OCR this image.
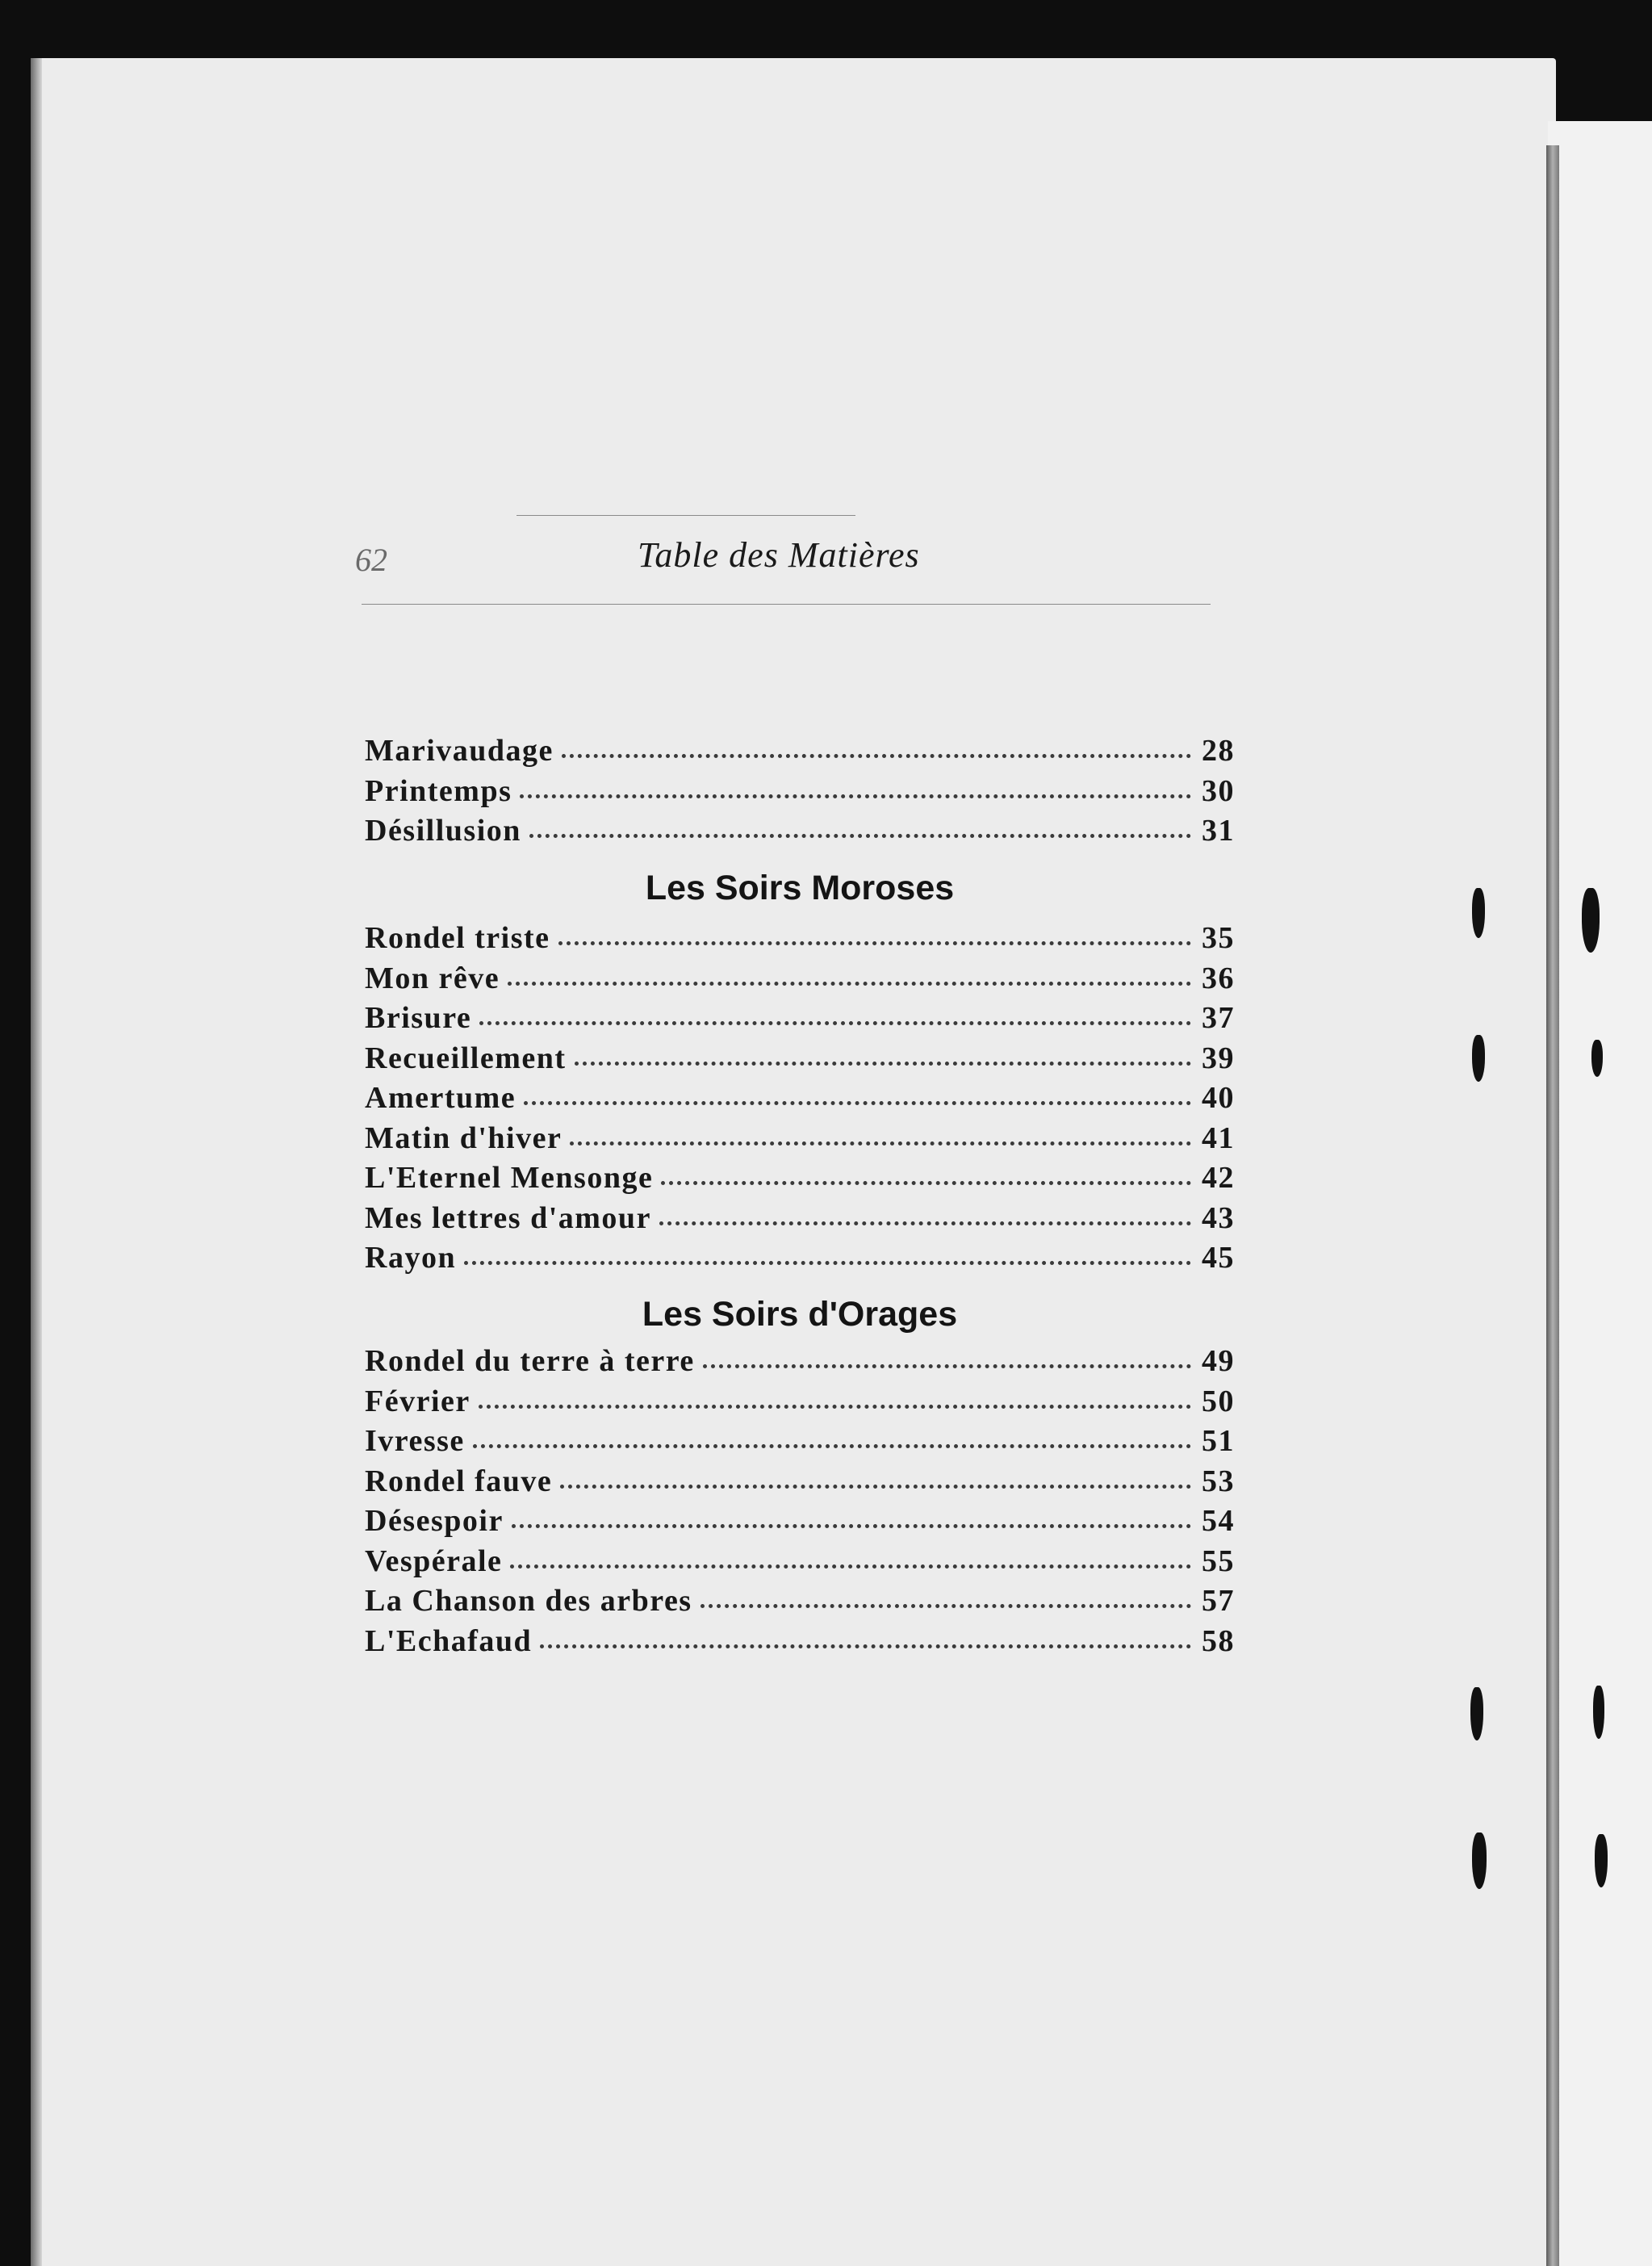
62	Table des Matières
Marivaudage	28
Printemps	30
Désillusion	31
Les Soirs Moroses
Rondel triste	35
Mon rêve	36
Brisure	37
Recueillement	39
Amertume	40
Matin d'hiver	41
L'Eternel Mensonge	42
Mes lettres d'amour	43
Rayon	45
Les Soirs d'Orages
Rondel du terre à terre	49
Février	50
Ivresse	51
Rondel fauve	53
Désespoir	54
Vespérale	55
La Chanson des arbres	57
L'Echafaud	58
